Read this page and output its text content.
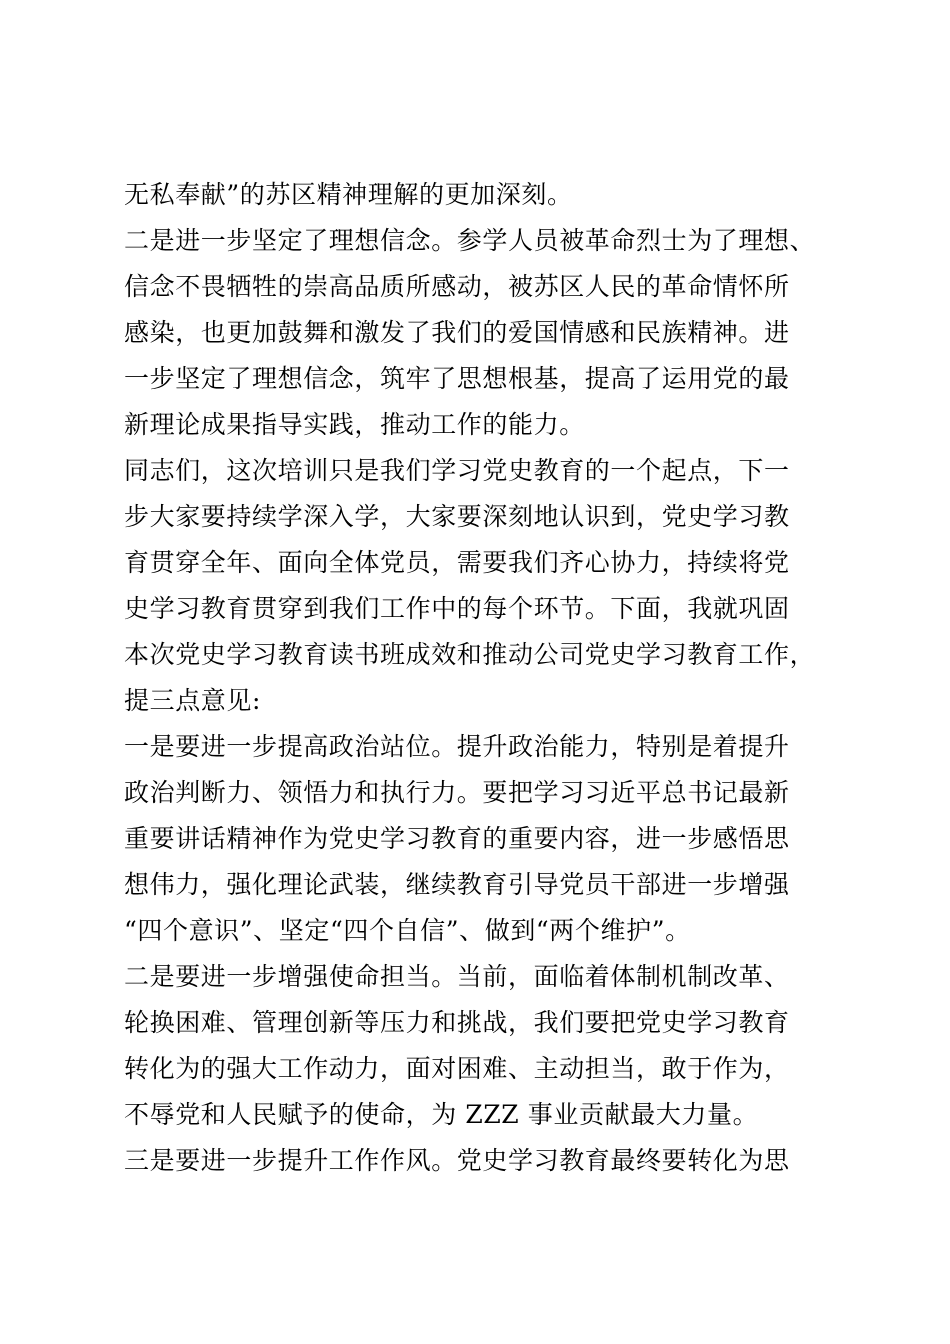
无私奉献”的苏区精神理解的更加深刻。
二是进一步坚定了理想信念。参学人员被革命烈士为了理想、
信念不畏牺牲的崇高品质所感动，被苏区人民的革命情怀所
感染，也更加鼓舞和激发了我们的爱国情感和民族精神。进
一步坚定了理想信念，筑牢了思想根基，提高了运用党的最
新理论成果指导实践，推动工作的能力。
同志们，这次培训只是我们学习党史教育的一个起点，下一
步大家要持续学深入学，大家要深刻地认识到，党史学习教
育贯穿全年、面向全体党员，需要我们齐心协力，持续将党
史学习教育贯穿到我们工作中的每个环节。下面，我就巩固
本次党史学习教育读书班成效和推动公司党史学习教育工作，
提三点意见:
一是要进一步提高政治站位。提升政治能力，特别是着提升
政治判断力、领悟力和执行力。要把学习习近平总书记最新
重要讲话精神作为党史学习教育的重要内容，进一步感悟思
想伟力，强化理论武装，继续教育引导党员干部进一步增强
“四个意识”、坚定“四个自信”、做到“两个维护”。
二是要进一步增强使命担当。当前，面临着体制机制改革、
轮换困难、管理创新等压力和挑战，我们要把党史学习教育
转化为的强大工作动力，面对困难、主动担当，敢于作为，
不辱党和人民赋予的使命，为 ZZZ 事业贡献最大力量。
三是要进一步提升工作作风。党史学习教育最终要转化为思
